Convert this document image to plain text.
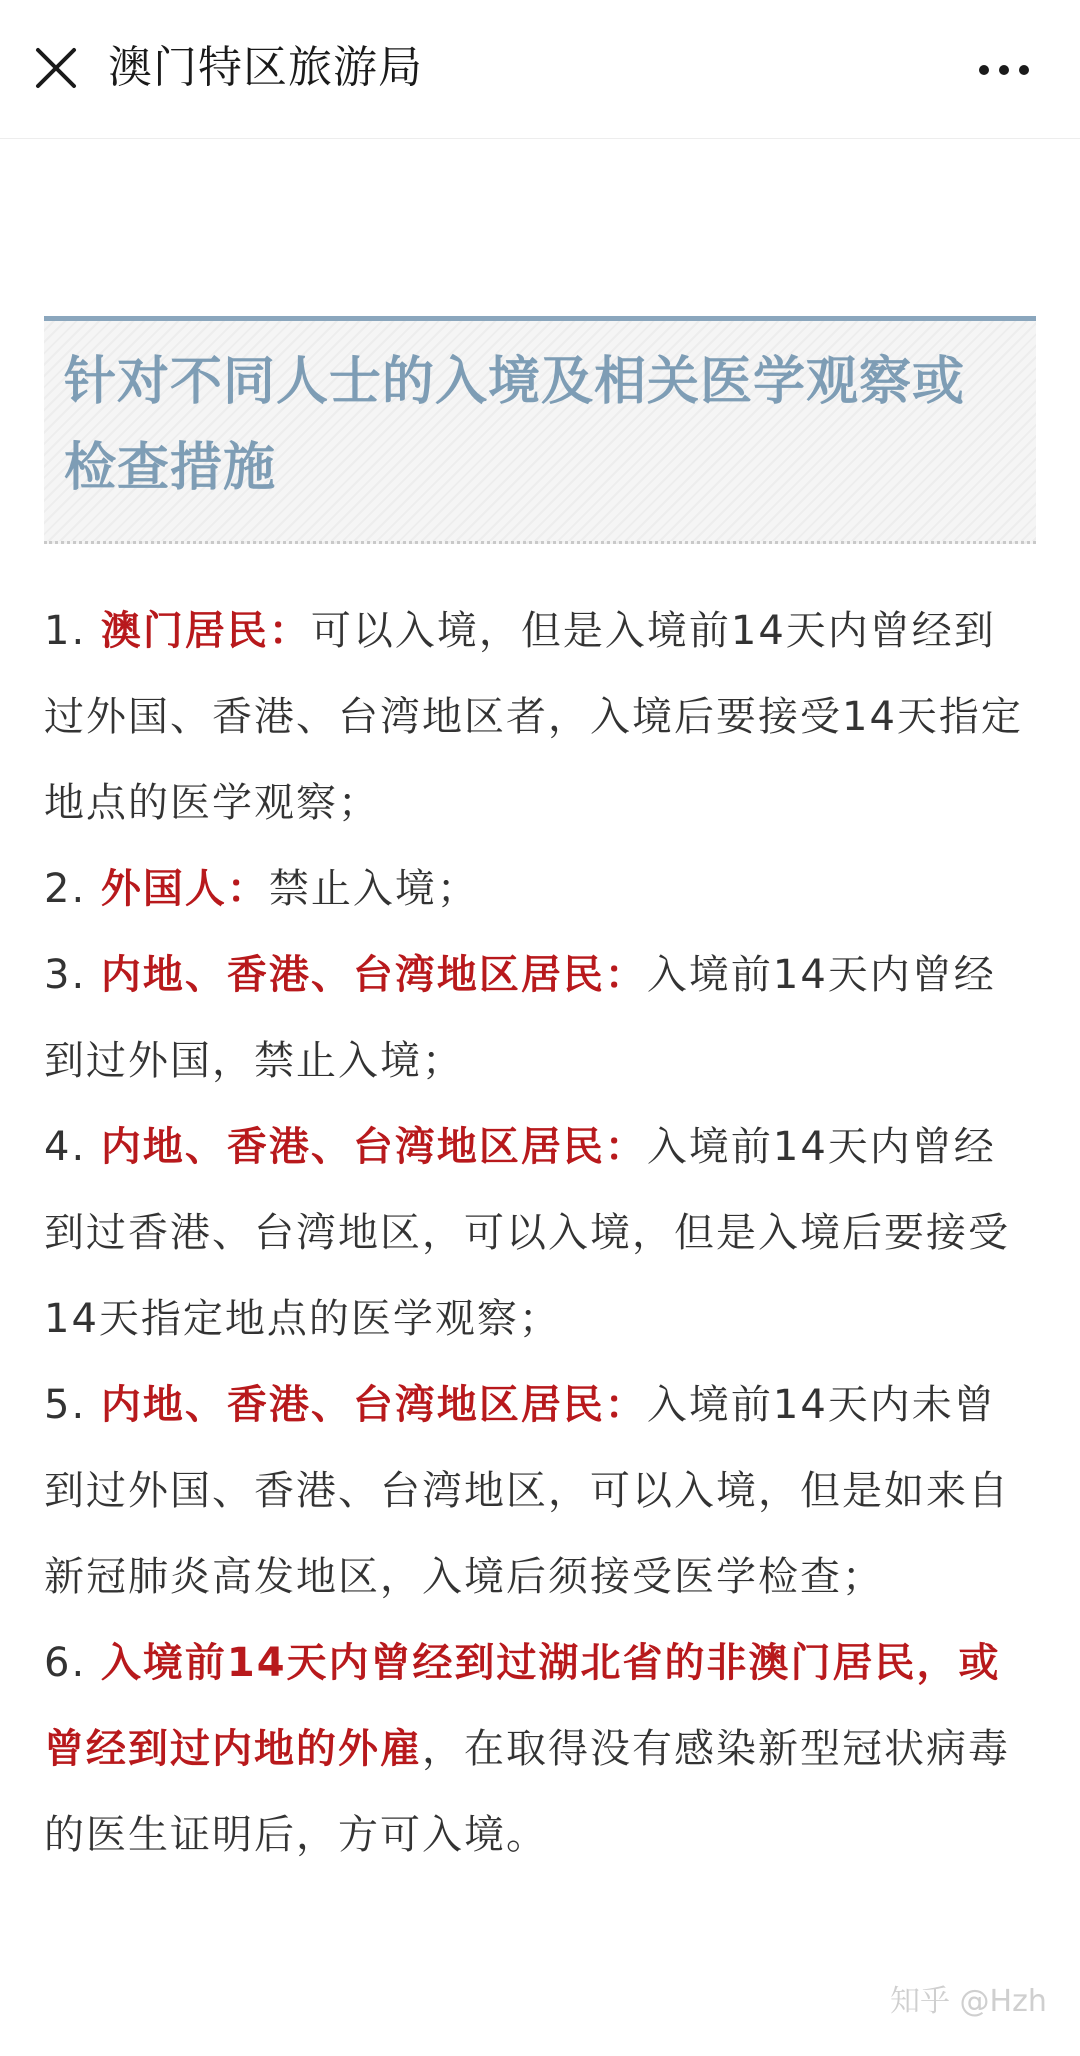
澳门特区旅游局

针对不同人士的入境及相关医学观察或检查措施

1. 澳门居民：可以入境，但是入境前14天内曾经到过外国、香港、台湾地区者，入境后要接受14天指定地点的医学观察；

2. 外国人：禁止入境；

3. 内地、香港、台湾地区居民：入境前14天内曾经到过外国，禁止入境；

4. 内地、香港、台湾地区居民：入境前14天内曾经到过香港、台湾地区，可以入境，但是入境后要接受14天指定地点的医学观察；

5. 内地、香港、台湾地区居民：入境前14天内未曾到过外国、香港、台湾地区，可以入境，但是如来自新冠肺炎高发地区，入境后须接受医学检查；

6. 入境前14天内曾经到过湖北省的非澳门居民，或曾经到过内地的外雇，在取得没有感染新型冠状病毒的医生证明后，方可入境。

知乎 @Hzh
